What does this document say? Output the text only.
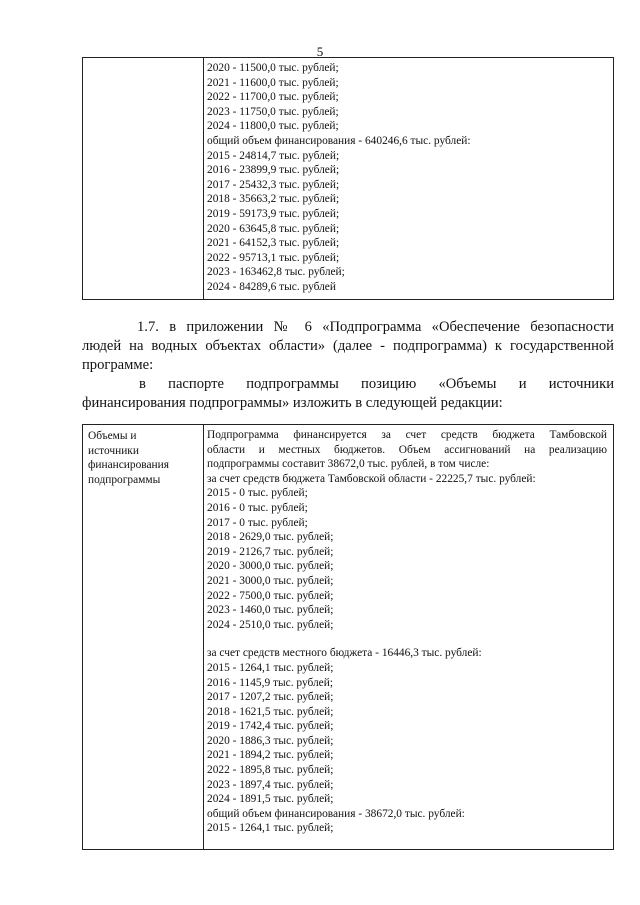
5
2020 - 11500,0 тыс. рублей;
2021 - 11600,0 тыс. рублей;
2022 - 11700,0 тыс. рублей;
2023 - 11750,0 тыс. рублей;
2024 - 11800,0 тыс. рублей;
общий объем финансирования - 640246,6 тыс. рублей:
2015 - 24814,7 тыс. рублей;
2016 - 23899,9 тыс. рублей;
2017 - 25432,3 тыс. рублей;
2018 - 35663,2 тыс. рублей;
2019 - 59173,9 тыс. рублей;
2020 - 63645,8 тыс. рублей;
2021 - 64152,3 тыс. рублей;
2022 - 95713,1 тыс. рублей;
2023 - 163462,8 тыс. рублей;
2024 - 84289,6 тыс. рублей
1.7. в приложении № 6 «Подпрограмма «Обеспечение безопасности
людей на водных объектах области» (далее - подпрограмма) к государственной
программе:
в паспорте подпрограммы позицию «Объемы и источники
финансирования подпрограммы» изложить в следующей редакции:
Объемы и
источники
финансирования
подпрограммы
Подпрограмма финансируется за счет средств бюджета Тамбовской
области и местных бюджетов. Объем ассигнований на реализацию
подпрограммы составит 38672,0 тыс. рублей, в том числе:
за счет средств бюджета Тамбовской области - 22225,7 тыс. рублей:
2015 - 0 тыс. рублей;
2016 - 0 тыс. рублей;
2017 - 0 тыс. рублей;
2018 - 2629,0 тыс. рублей;
2019 - 2126,7 тыс. рублей;
2020 - 3000,0 тыс. рублей;
2021 - 3000,0 тыс. рублей;
2022 - 7500,0 тыс. рублей;
2023 - 1460,0 тыс. рублей;
2024 - 2510,0 тыс. рублей;
за счет средств местного бюджета - 16446,3 тыс. рублей:
2015 - 1264,1 тыс. рублей;
2016 - 1145,9 тыс. рублей;
2017 - 1207,2 тыс. рублей;
2018 - 1621,5 тыс. рублей;
2019 - 1742,4 тыс. рублей;
2020 - 1886,3 тыс. рублей;
2021 - 1894,2 тыс. рублей;
2022 - 1895,8 тыс. рублей;
2023 - 1897,4 тыс. рублей;
2024 - 1891,5 тыс. рублей;
общий объем финансирования - 38672,0 тыс. рублей:
2015 - 1264,1 тыс. рублей;
